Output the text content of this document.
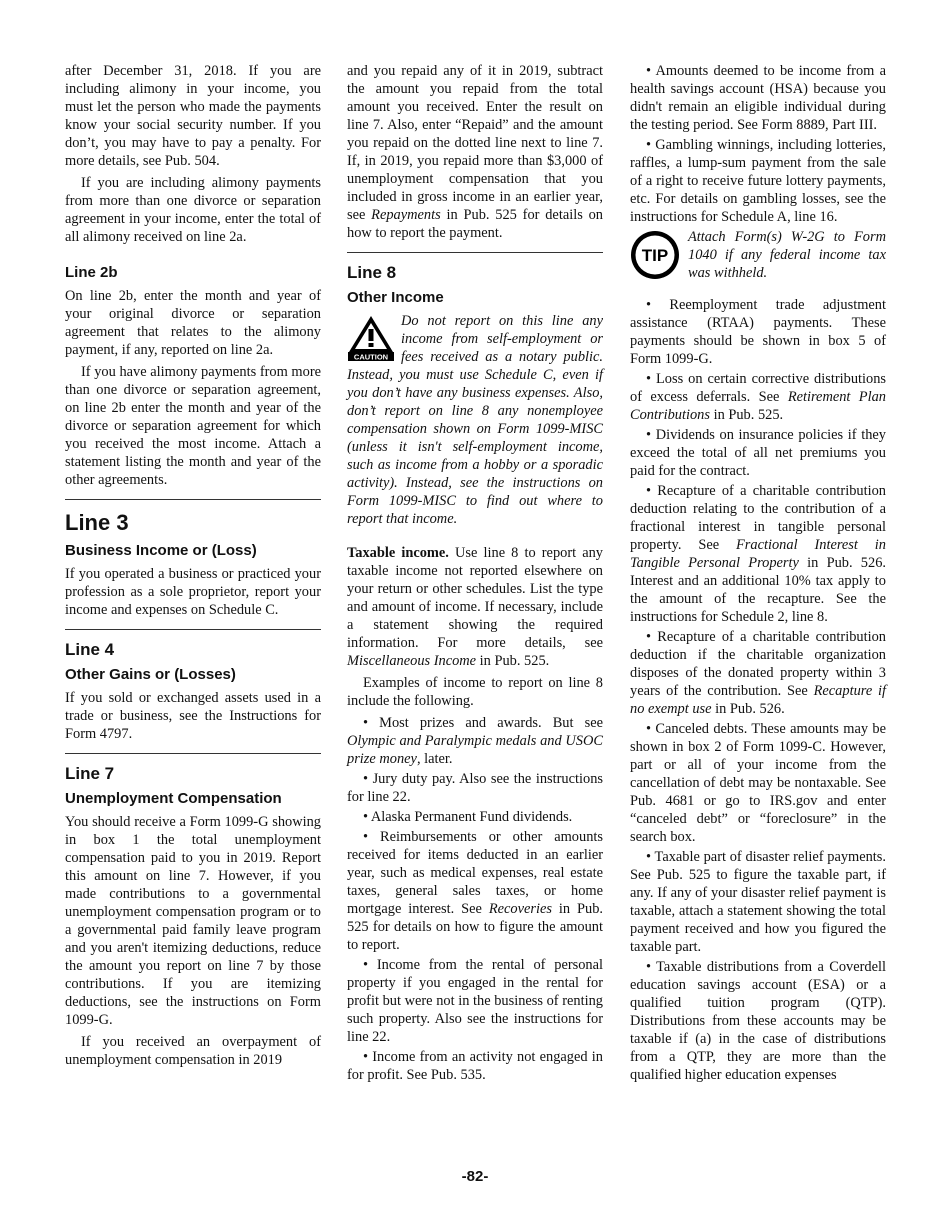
after December 31, 2018. If you are including alimony in your income, you must let the person who made the payments know your social security number. If you don’t, you may have to pay a penalty. For more details, see Pub. 504.

If you are including alimony payments from more than one divorce or separation agreement in your income, enter the total of all alimony received on line 2a.

Line 2b

On line 2b, enter the month and year of your original divorce or separation agreement that relates to the alimony payment, if any, reported on line 2a.

If you have alimony payments from more than one divorce or separation agreement, on line 2b enter the month and year of the divorce or separation agreement for which you received the most income. Attach a statement listing the month and year of the other agreements.

Line 3
Business Income or (Loss)

If you operated a business or practiced your profession as a sole proprietor, report your income and expenses on Schedule C.

Line 4
Other Gains or (Losses)

If you sold or exchanged assets used in a trade or business, see the Instructions for Form 4797.

Line 7
Unemployment Compensation

You should receive a Form 1099-G showing in box 1 the total unemployment compensation paid to you in 2019. Report this amount on line 7. However, if you made contributions to a governmental unemployment compensation program or to a governmental paid family leave program and you aren't itemizing deductions, reduce the amount you report on line 7 by those contributions. If you are itemizing deductions, see the instructions on Form 1099-G.

If you received an overpayment of unemployment compensation in 2019

and you repaid any of it in 2019, subtract the amount you repaid from the total amount you received. Enter the result on line 7. Also, enter “Repaid” and the amount you repaid on the dotted line next to line 7. If, in 2019, you repaid more than $3,000 of unemployment compensation that you included in gross income in an earlier year, see Repayments in Pub. 525 for details on how to report the payment.

Line 8
Other Income
CAUTION
Do not report on this line any income from self-employment or fees received as a notary public. Instead, you must use Schedule C, even if you don’t have any business expenses. Also, don’t report on line 8 any nonemployee compensation shown on Form 1099-MISC (unless it isn't self-employment income, such as income from a hobby or a sporadic activity). Instead, see the instructions on Form 1099-MISC to find out where to report that income.

Taxable income. Use line 8 to report any taxable income not reported elsewhere on your return or other schedules. List the type and amount of income. If necessary, include a statement showing the required information. For more details, see Miscellaneous Income in Pub. 525.

Examples of income to report on line 8 include the following.

• Most prizes and awards. But see Olympic and Paralympic medals and USOC prize money, later.

• Jury duty pay. Also see the instructions for line 22.

• Alaska Permanent Fund dividends.

• Reimbursements or other amounts received for items deducted in an earlier year, such as medical expenses, real estate taxes, general sales taxes, or home mortgage interest. See Recoveries in Pub. 525 for details on how to figure the amount to report.

• Income from the rental of personal property if you engaged in the rental for profit but were not in the business of renting such property. Also see the instructions for line 22.

• Income from an activity not engaged in for profit. See Pub. 535.

• Amounts deemed to be income from a health savings account (HSA) because you didn't remain an eligible individual during the testing period. See Form 8889, Part III.

• Gambling winnings, including lotteries, raffles, a lump-sum payment from the sale of a right to receive future lottery payments, etc. For details on gambling losses, see the instructions for Schedule A, line 16.

TIP
Attach Form(s) W-2G to Form 1040 if any federal income tax was withheld.

• Reemployment trade adjustment assistance (RTAA) payments. These payments should be shown in box 5 of Form 1099-G.

• Loss on certain corrective distributions of excess deferrals. See Retirement Plan Contributions in Pub. 525.

• Dividends on insurance policies if they exceed the total of all net premiums you paid for the contract.

• Recapture of a charitable contribution deduction relating to the contribution of a fractional interest in tangible personal property. See Fractional Interest in Tangible Personal Property in Pub. 526. Interest and an additional 10% tax apply to the amount of the recapture. See the instructions for Schedule 2, line 8.

• Recapture of a charitable contribution deduction if the charitable organization disposes of the donated property within 3 years of the contribution. See Recapture if no exempt use in Pub. 526.

• Canceled debts. These amounts may be shown in box 2 of Form 1099-C. However, part or all of your income from the cancellation of debt may be nontaxable. See Pub. 4681 or go to IRS.gov and enter “canceled debt” or “foreclosure” in the search box.

• Taxable part of disaster relief payments. See Pub. 525 to figure the taxable part, if any. If any of your disaster relief payment is taxable, attach a statement showing the total payment received and how you figured the taxable part.

• Taxable distributions from a Coverdell education savings account (ESA) or a qualified tuition program (QTP). Distributions from these accounts may be taxable if (a) in the case of distributions from a QTP, they are more than the qualified higher education expenses

-82-
